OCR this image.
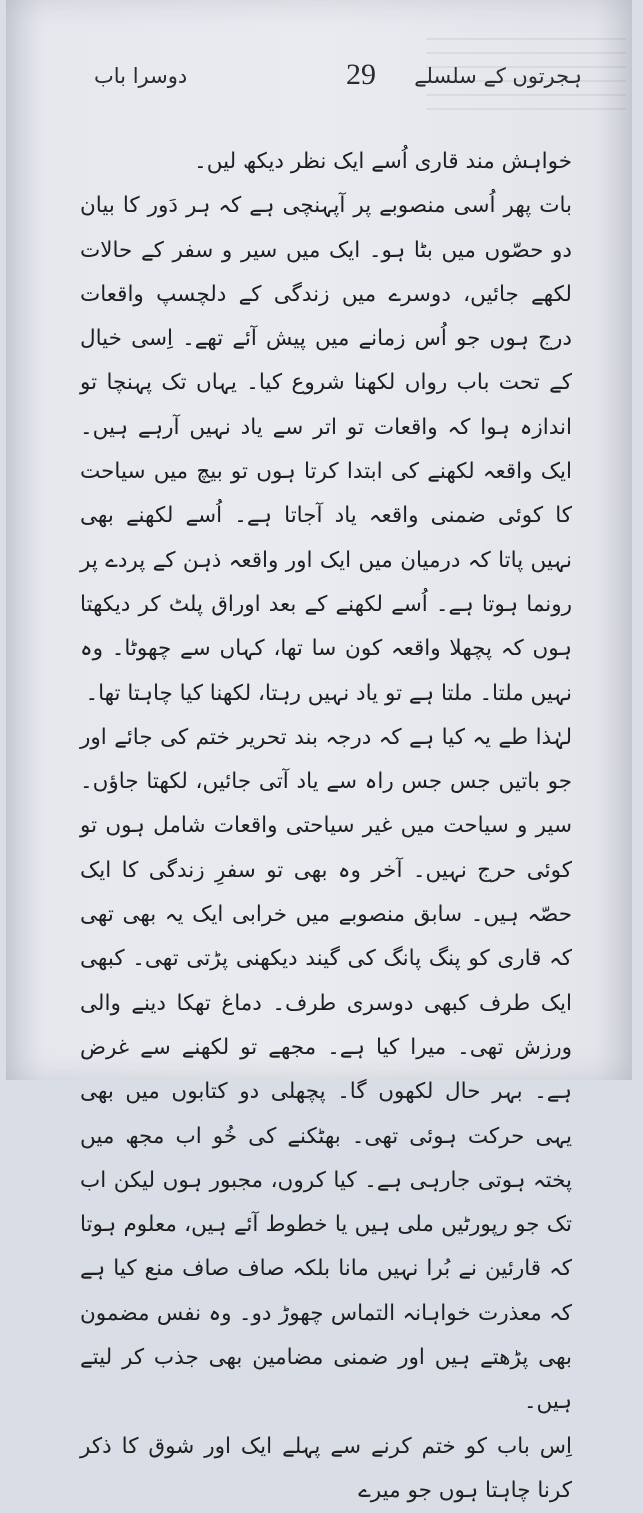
دوسرا باب	29 ہجرتوں کے سلسلے

خواہش مند قاری اُسے ایک نظر دیکھ لیں۔

بات پھر اُسی منصوبے پر آپہنچی ہے کہ ہر دَور کا بیان دو حصّوں میں بٹا ہو۔ ایک میں سیر و سفر کے حالات لکھے جائیں، دوسرے میں زندگی کے دلچسپ واقعات درج ہوں جو اُس زمانے میں پیش آئے تھے۔ اِسی خیال کے تحت باب رواں لکھنا شروع کیا۔ یہاں تک پہنچا تو اندازہ ہوا کہ واقعات تو اتر سے یاد نہیں آرہے ہیں۔ ایک واقعہ لکھنے کی ابتدا کرتا ہوں تو بیچ میں سیاحت کا کوئی ضمنی واقعہ یاد آجاتا ہے۔ اُسے لکھنے بھی نہیں پاتا کہ درمیان میں ایک اور واقعہ ذہن کے پردے پر رونما ہوتا ہے۔ اُسے لکھنے کے بعد اوراق پلٹ کر دیکھتا ہوں کہ پچھلا واقعہ کون سا تھا، کہاں سے چھوٹا۔ وہ نہیں ملتا۔ ملتا ہے تو یاد نہیں رہتا، لکھنا کیا چاہتا تھا۔

لہٰذا طے یہ کیا ہے کہ درجہ بند تحریر ختم کی جائے اور جو باتیں جس جس راہ سے یاد آتی جائیں، لکھتا جاؤں۔ سیر و سیاحت میں غیر سیاحتی واقعات شامل ہوں تو کوئی حرج نہیں۔ آخر وہ بھی تو سفرِ زندگی کا ایک حصّہ ہیں۔ سابق منصوبے میں خرابی ایک یہ بھی تھی کہ قاری کو پنگ پانگ کی گیند دیکھنی پڑتی تھی۔ کبھی ایک طرف کبھی دوسری طرف۔ دماغ تھکا دینے والی ورزش تھی۔ میرا کیا ہے۔ مجھے تو لکھنے سے غرض ہے۔ بہر حال لکھوں گا۔ پچھلی دو کتابوں میں بھی یہی حرکت ہوئی تھی۔ بھٹکنے کی خُو اب مجھ میں پختہ ہوتی جارہی ہے۔ کیا کروں، مجبور ہوں لیکن اب تک جو رپورٹیں ملی ہیں یا خطوط آئے ہیں، معلوم ہوتا کہ قارئین نے بُرا نہیں مانا بلکہ صاف صاف منع کیا ہے کہ معذرت خواہانہ التماس چھوڑ دو۔ وہ نفس مضمون بھی پڑھتے ہیں اور ضمنی مضامین بھی جذب کر لیتے ہیں۔

اِس باب کو ختم کرنے سے پہلے ایک اور شوق کا ذکر کرنا چاہتا ہوں جو میرے
